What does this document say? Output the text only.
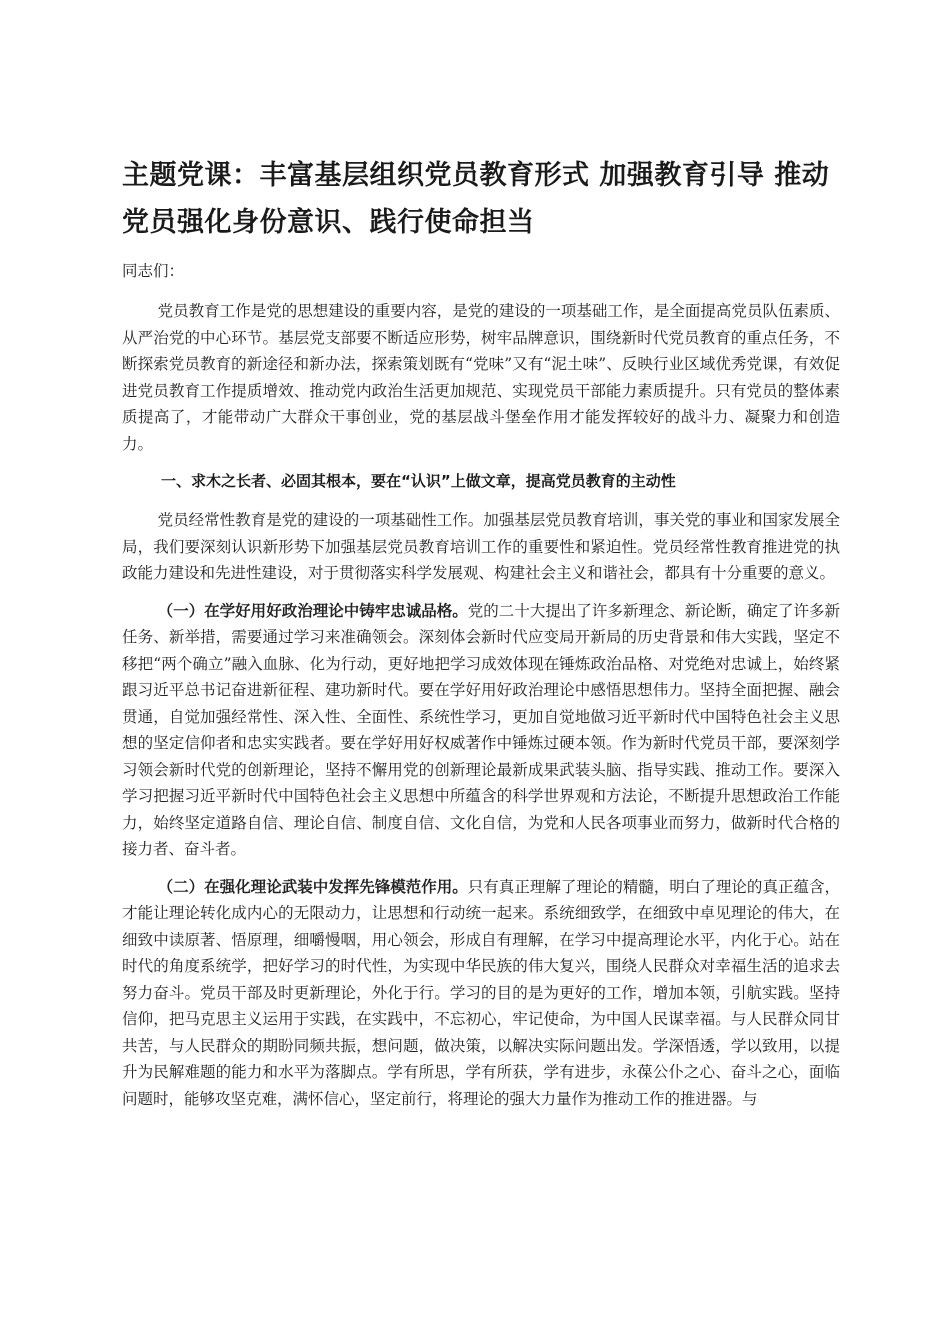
主题党课：丰富基层组织党员教育形式 加强教育引导 推动党员强化身份意识、践行使命担当

同志们：

党员教育工作是党的思想建设的重要内容，是党的建设的一项基础工作，是全面提高党员队伍素质、从严治党的中心环节。基层党支部要不断适应形势，树牢品牌意识，围绕新时代党员教育的重点任务，不断探索党员教育的新途径和新办法，探索策划既有“党味”又有“泥土味”、反映行业区域优秀党课，有效促进党员教育工作提质增效、推动党内政治生活更加规范、实现党员干部能力素质提升。只有党员的整体素质提高了，才能带动广大群众干事创业，党的基层战斗堡垒作用才能发挥较好的战斗力、凝聚力和创造力。

一、求木之长者、必固其根本，要在“认识”上做文章，提高党员教育的主动性

党员经常性教育是党的建设的一项基础性工作。加强基层党员教育培训，事关党的事业和国家发展全局，我们要深刻认识新形势下加强基层党员教育培训工作的重要性和紧迫性。党员经常性教育推进党的执政能力建设和先进性建设，对于贯彻落实科学发展观、构建社会主义和谐社会，都具有十分重要的意义。

（一）在学好用好政治理论中铸牢忠诚品格。党的二十大提出了许多新理念、新论断，确定了许多新任务、新举措，需要通过学习来准确领会。深刻体会新时代应变局开新局的历史背景和伟大实践，坚定不移把“两个确立”融入血脉、化为行动，更好地把学习成效体现在锤炼政治品格、对党绝对忠诚上，始终紧跟习近平总书记奋进新征程、建功新时代。要在学好用好政治理论中感悟思想伟力。坚持全面把握、融会贯通，自觉加强经常性、深入性、全面性、系统性学习，更加自觉地做习近平新时代中国特色社会主义思想的坚定信仰者和忠实实践者。要在学好用好权威著作中锤炼过硬本领。作为新时代党员干部，要深刻学习领会新时代党的创新理论，坚持不懈用党的创新理论最新成果武装头脑、指导实践、推动工作。要深入学习把握习近平新时代中国特色社会主义思想中所蕴含的科学世界观和方法论，不断提升思想政治工作能力，始终坚定道路自信、理论自信、制度自信、文化自信，为党和人民各项事业而努力，做新时代合格的接力者、奋斗者。

（二）在强化理论武装中发挥先锋模范作用。只有真正理解了理论的精髓，明白了理论的真正蕴含，才能让理论转化成内心的无限动力，让思想和行动统一起来。系统细致学，在细致中卓见理论的伟大，在细致中读原著、悟原理，细嚼慢咽，用心领会，形成自有理解，在学习中提高理论水平，内化于心。站在时代的角度系统学，把好学习的时代性，为实现中华民族的伟大复兴，围绕人民群众对幸福生活的追求去努力奋斗。党员干部及时更新理论，外化于行。学习的目的是为更好的工作，增加本领，引航实践。坚持信仰，把马克思主义运用于实践，在实践中，不忘初心，牢记使命，为中国人民谋幸福。与人民群众同甘共苦，与人民群众的期盼同频共振，想问题，做决策，以解决实际问题出发。学深悟透，学以致用，以提升为民解难题的能力和水平为落脚点。学有所思，学有所获，学有进步，永葆公仆之心、奋斗之心，面临问题时，能够攻坚克难，满怀信心，坚定前行，将理论的强大力量作为推动工作的推进器。与
